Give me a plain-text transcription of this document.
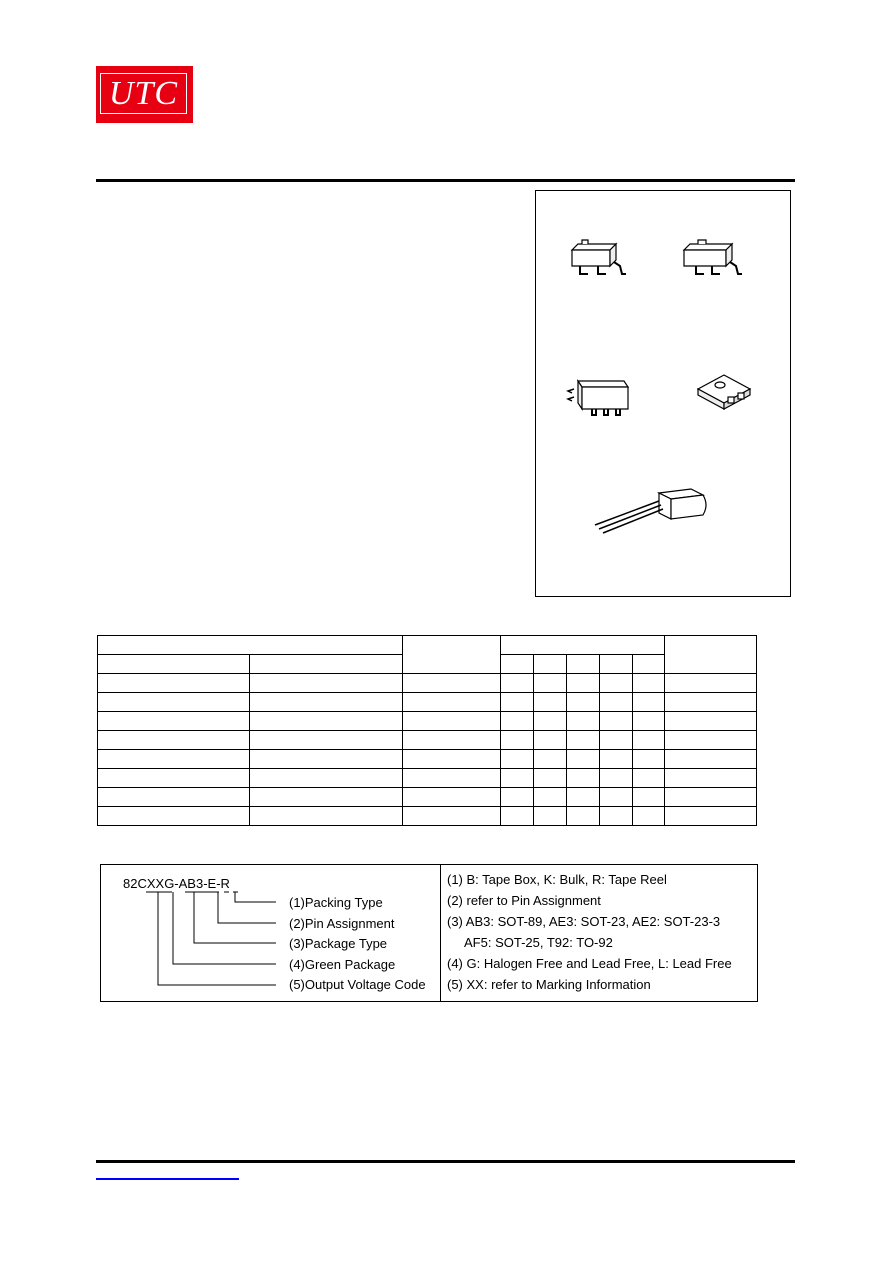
UTC

82CXXG-AB3-E-R
(1)Packing Type
(2)Pin Assignment
(3)Package Type
(4)Green Package
(5)Output Voltage Code
(1) B: Tape Box, K: Bulk, R: Tape Reel
(2) refer to Pin Assignment
(3) AB3: SOT-89, AE3: SOT-23, AE2: SOT-23-3
AF5: SOT-25, T92: TO-92
(4) G: Halogen Free and Lead Free, L: Lead Free
(5) XX: refer to Marking Information
